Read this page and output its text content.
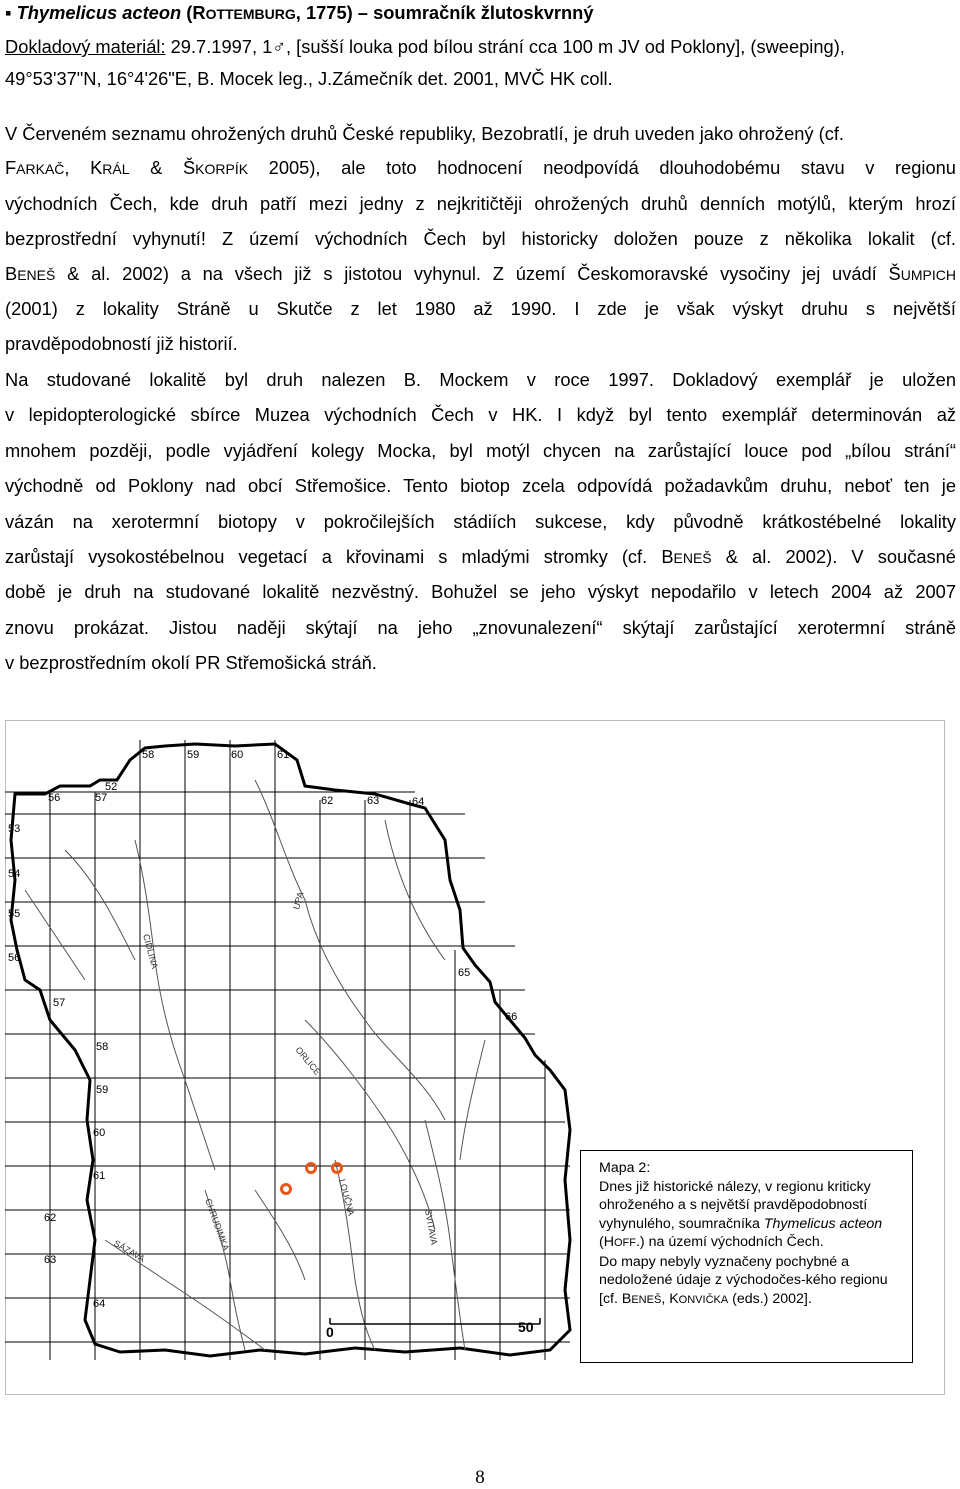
▪ Thymelicus acteon (ROTTEMBURG, 1775) – soumračník žlutoskvrnný
Dokladový materiál: 29.7.1997, 1♂, [sušší louka pod bílou strání cca 100 m JV od Poklony], (sweeping),
49°53'37"N, 16°4'26"E, B. Mocek leg., J.Zámečník det. 2001, MVČ HK coll.
V Červeném seznamu ohrožených druhů České republiky, Bezobratlí, je druh uveden jako ohrožený (cf.
FARKAČ, KRÁL & ŠKORPÍK 2005), ale toto hodnocení neodpovídá dlouhodobému stavu v regionu
východních Čech, kde druh patří mezi jedny z nejkritičtěji ohrožených druhů denních motýlů, kterým hrozí
bezprostřední vyhynutí! Z území východních Čech byl historicky doložen pouze z několika lokalit (cf.
BENEŠ & al. 2002) a na všech již s jistotou vyhynul. Z území Českomoravské vysočiny jej uvádí ŠUMPICH
(2001) z lokality Stráně u Skutče z let 1980 až 1990. I zde je však výskyt druhu s největší
pravděpodobností již historií.
Na studované lokalitě byl druh nalezen B. Mockem v roce 1997. Dokladový exemplář je uložen
v lepidopterologické sbírce Muzea východních Čech v HK. I když byl tento exemplář determinován až
mnohem později, podle vyjádření kolegy Mocka, byl motýl chycen na zarůstající louce pod „bílou strání“
východně od Poklony nad obcí Střemošice. Tento biotop zcela odpovídá požadavkům druhu, neboť ten je
vázán na xerotermní biotopy v pokročilejších stádiích sukcese, kdy původně krátkostébelné lokality
zarůstají vysokostébelnou vegetací a křovinami s mladými stromky (cf. BENEŠ & al. 2002). V současné
době je druh na studované lokalitě nezvěstný. Bohužel se jeho výskyt nepodařilo v letech 2004 až 2007
znovu prokázat. Jistou naději skýtají na jeho „znovunalezení“ skýtají zarůstající xerotermní stráně
v bezprostředním okolí PR Střemošická stráň.
UPA
CIDLINA
ORLICE
LOUČNA
CHRUDIMKA
SÁZAVA
SVITAVA
58	59	60	61
52
56	57	62	63	64
53
54
55
56
57
58
59
60
61
62
63
64
65
66
0	50

Mapa 2:

Dnes již historické nálezy, v regionu kriticky ohroženého a s největší pravděpodobností vyhynulého, soumračníka Thymelicus acteon (HOFF.) na území východních Čech.

Do mapy nebyly vyznačeny pochybné a nedoložené údaje z východočes-kého regionu [cf. BENEŠ, KONVIČKA (eds.) 2002].

8
